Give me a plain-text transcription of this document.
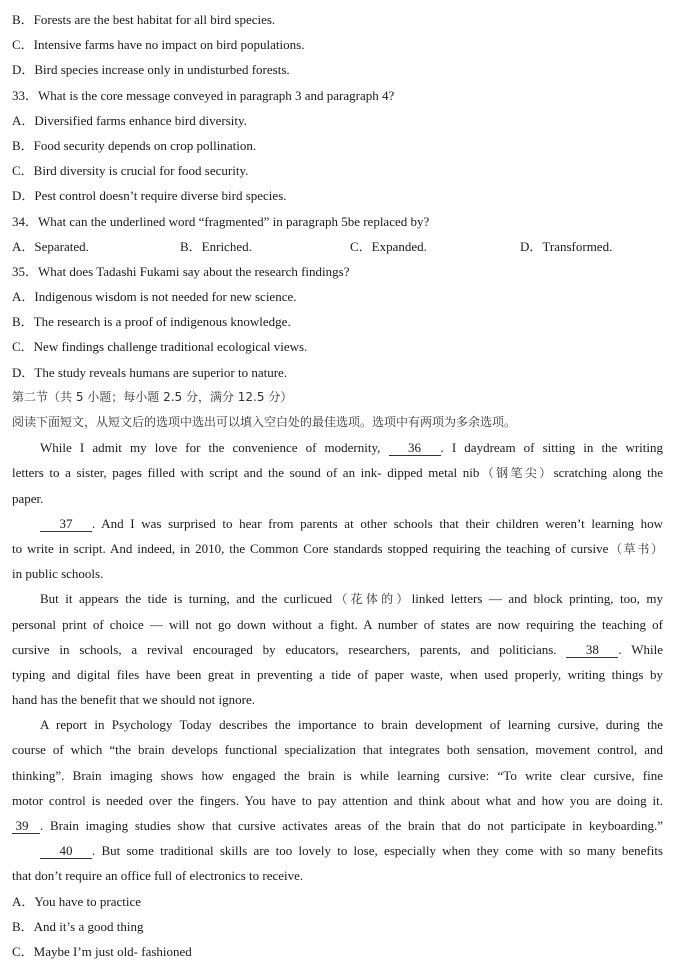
B．Forests are the best habitat for all bird species.
C．Intensive farms have no impact on bird populations.
D．Bird species increase only in undisturbed forests.
33．What is the core message conveyed in paragraph 3 and paragraph 4?
A．Diversified farms enhance bird diversity.
B．Food security depends on crop pollination.
C．Bird diversity is crucial for food security.
D．Pest control doesn’t require diverse bird species.
34．What can the underlined word “fragmented” in paragraph 5be replaced by?
A．Separated.	B．Enriched.	C．Expanded.	D．Transformed.
35．What does Tadashi Fukami say about the research findings?
A．Indigenous wisdom is not needed for new science.
B．The research is a proof of indigenous knowledge.
C．New findings challenge traditional ecological views.
D．The study reveals humans are superior to nature.
第二节（共 5 小题；每小题 2.5 分，满分 12.5 分）
阅读下面短文，从短文后的选项中选出可以填入空白处的最佳选项。选项中有两项为多余选项。
While I admit my love for the convenience of modernity, 36 . I daydream of sitting in the writing
letters to a sister, pages filled with script and the sound of an ink- dipped metal nib（钢笔尖）scratching along the
paper.
37 . And I was surprised to hear from parents at other schools that their children weren’t learning how
to write in script. And indeed, in 2010, the Common Core standards stopped requiring the teaching of cursive（草书）
in public schools.
But it appears the tide is turning, and the curlicued（花体的）linked letters — and block printing, too, my
personal print of choice — will not go down without a fight. A number of states are now requiring the teaching of
cursive in schools, a revival encouraged by educators, researchers, parents, and politicians. 38 . While
typing and digital files have been great in preventing a tide of paper waste, when used properly, writing things by
hand has the benefit that we should not ignore.
A report in Psychology Today describes the importance to brain development of learning cursive, during the
course of which “the brain develops functional specialization that integrates both sensation, movement control, and
thinking”. Brain imaging shows how engaged the brain is while learning cursive: “To write clear cursive, fine
motor control is needed over the fingers. You have to pay attention and think about what and how you are doing it.
39 . Brain imaging studies show that cursive activates areas of the brain that do not participate in keyboarding.”
40 . But some traditional skills are too lovely to lose, especially when they come with so many benefits
that don’t require an office full of electronics to receive.
A．You have to practice
B．And it’s a good thing
C．Maybe I’m just old- fashioned
